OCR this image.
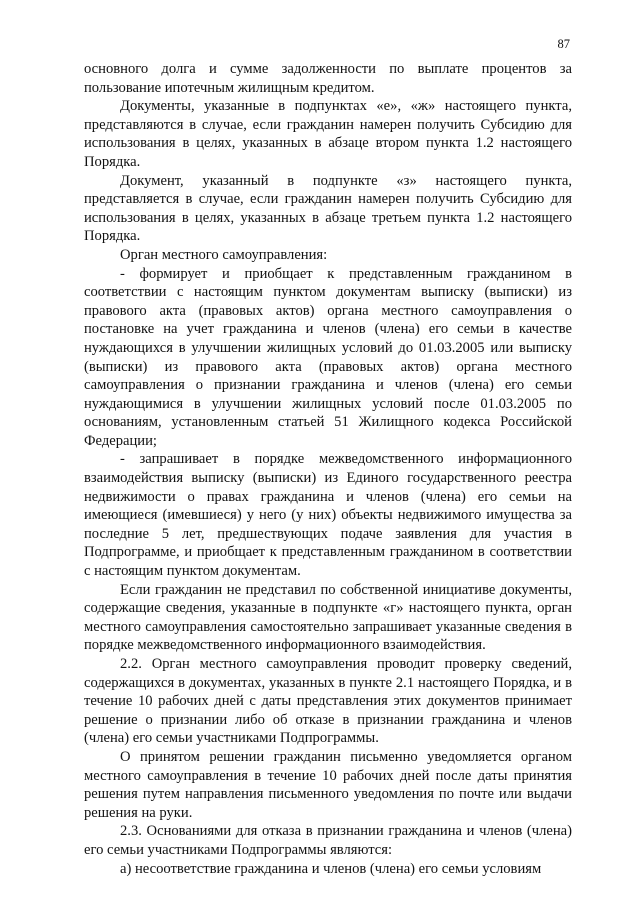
87

основного долга и сумме задолженности по выплате процентов за пользование ипотечным жилищным кредитом.

Документы, указанные в подпунктах «е», «ж» настоящего пункта, представляются в случае, если гражданин намерен получить Субсидию для использования в целях, указанных в абзаце втором пункта 1.2 настоящего Порядка.

Документ, указанный в подпункте «з» настоящего пункта, представляется в случае, если гражданин намерен получить Субсидию для использования в целях, указанных в абзаце третьем пункта 1.2 настоящего Порядка.

Орган местного самоуправления:

- формирует и приобщает к представленным гражданином в соответствии с настоящим пунктом документам выписку (выписки) из правового акта (правовых актов) органа местного самоуправления о постановке на учет гражданина и членов (члена) его семьи в качестве нуждающихся в улучшении жилищных условий до 01.03.2005 или выписку (выписки) из правового акта (правовых актов) органа местного самоуправления о признании гражданина и членов (члена) его семьи нуждающимися в улучшении жилищных условий после 01.03.2005 по основаниям, установленным статьей 51 Жилищного кодекса Российской Федерации;

- запрашивает в порядке межведомственного информационного взаимодействия выписку (выписки) из Единого государственного реестра недвижимости о правах гражданина и членов (члена) его семьи на имеющиеся (имевшиеся) у него (у них) объекты недвижимого имущества за последние 5 лет, предшествующих подаче заявления для участия в Подпрограмме, и приобщает к представленным гражданином в соответствии с настоящим пунктом документам.

Если гражданин не представил по собственной инициативе документы, содержащие сведения, указанные в подпункте «г» настоящего пункта, орган местного самоуправления самостоятельно запрашивает указанные сведения в порядке межведомственного информационного взаимодействия.

2.2. Орган местного самоуправления проводит проверку сведений, содержащихся в документах, указанных в пункте 2.1 настоящего Порядка, и в течение 10 рабочих дней с даты представления этих документов принимает решение о признании либо об отказе в признании гражданина и членов (члена) его семьи участниками Подпрограммы.

О принятом решении гражданин письменно уведомляется органом местного самоуправления в течение 10 рабочих дней после даты принятия решения путем направления письменного уведомления по почте или выдачи решения на руки.

2.3. Основаниями для отказа в признании гражданина и членов (члена) его семьи участниками Подпрограммы являются:

а) несоответствие гражданина и членов (члена) его семьи условиям
